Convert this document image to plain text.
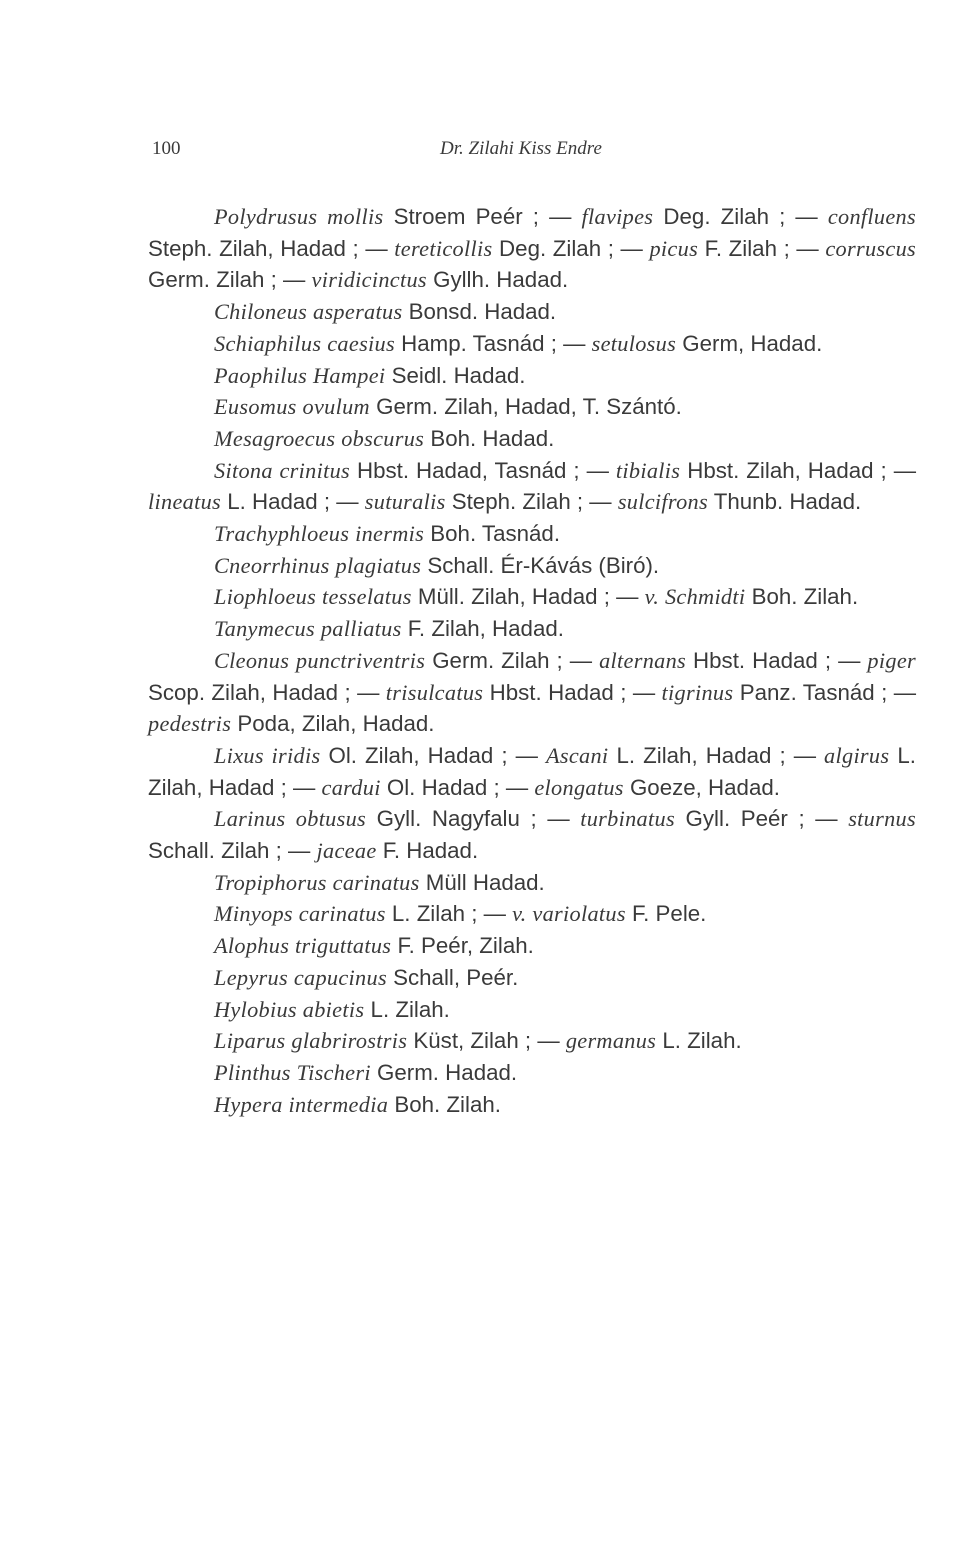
100	Dr. Zilahi Kiss Endre

Polydrusus mollis Stroem Peér ; — flavipes Deg. Zilah ; — confluens Steph. Zilah, Hadad ; — tereticollis Deg. Zilah ; — picus F. Zilah ; — corruscus Germ. Zilah ; — viridicinctus Gyllh. Hadad.

Chiloneus asperatus Bonsd. Hadad.

Schiaphilus caesius Hamp. Tasnád ; — setulosus Germ, Hadad.

Paophilus Hampei Seidl. Hadad.

Eusomus ovulum Germ. Zilah, Hadad, T. Szántó.

Mesagroecus obscurus Boh. Hadad.

Sitona crinitus Hbst. Hadad, Tasnád ; — tibialis Hbst. Zilah, Hadad ; — lineatus L. Hadad ; — suturalis Steph. Zilah ; — sulcifrons Thunb. Hadad.

Trachyphloeus inermis Boh. Tasnád.

Cneorrhinus plagiatus Schall. Ér-Kávás (Biró).

Liophloeus tesselatus Müll. Zilah, Hadad ; — v. Schmidti Boh. Zilah.

Tanymecus palliatus F. Zilah, Hadad.

Cleonus punctriventris Germ. Zilah ; — alternans Hbst. Hadad ; — piger Scop. Zilah, Hadad ; — trisulcatus Hbst. Hadad ; — tigrinus Panz. Tasnád ; — pedestris Poda, Zilah, Hadad.

Lixus iridis Ol. Zilah, Hadad ; — Ascani L. Zilah, Hadad ; — algirus L. Zilah, Hadad ; — cardui Ol. Hadad ; — elongatus Goeze, Hadad.

Larinus obtusus Gyll. Nagyfalu ; — turbinatus Gyll. Peér ; — sturnus Schall. Zilah ; — jaceae F. Hadad.

Tropiphorus carinatus Müll Hadad.

Minyops carinatus L. Zilah ; — v. variolatus F. Pele.

Alophus triguttatus F. Peér, Zilah.

Lepyrus capucinus Schall, Peér.

Hylobius abietis L. Zilah.

Liparus glabrirostris Küst, Zilah ; — germanus L. Zilah.

Plinthus Tischeri Germ. Hadad.

Hypera intermedia Boh. Zilah.
